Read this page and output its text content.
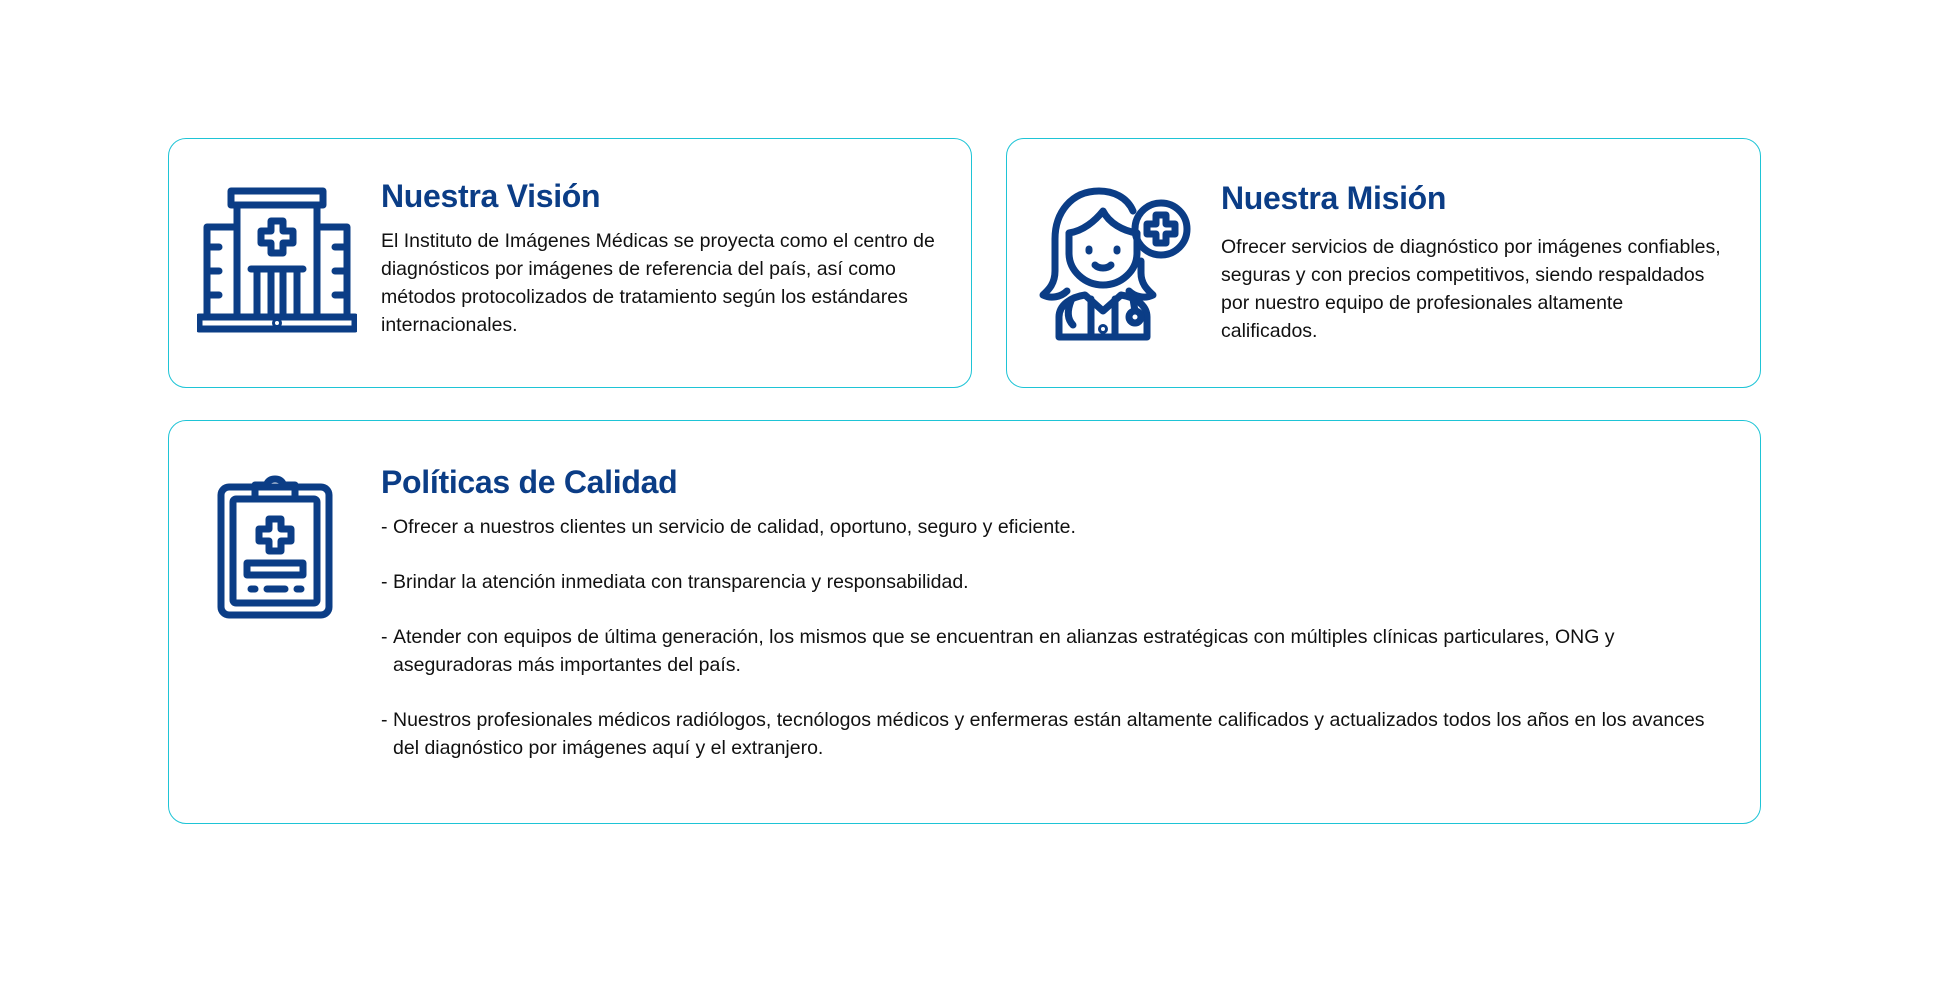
Nuestra Visión

El Instituto de Imágenes Médicas se proyecta como el centro de diagnósticos por imágenes de referencia del país, así como métodos protocolizados de tratamiento según los estándares internacionales.

Nuestra Misión

Ofrecer servicios de diagnóstico por imágenes confiables, seguras y con precios competitivos, siendo respaldados por nuestro equipo de profesionales altamente calificados.

Políticas de Calidad
- Ofrecer a nuestros clientes un servicio de calidad, oportuno, seguro y eficiente.
- Brindar la atención inmediata con transparencia y responsabilidad.
- Atender con equipos de última generación, los mismos que se encuentran en alianzas estratégicas con múltiples clínicas particulares, ONG y aseguradoras más importantes del país.
- Nuestros profesionales médicos radiólogos, tecnólogos médicos y enfermeras están altamente calificados y actualizados todos los años en los avances del diagnóstico por imágenes aquí y el extranjero.
